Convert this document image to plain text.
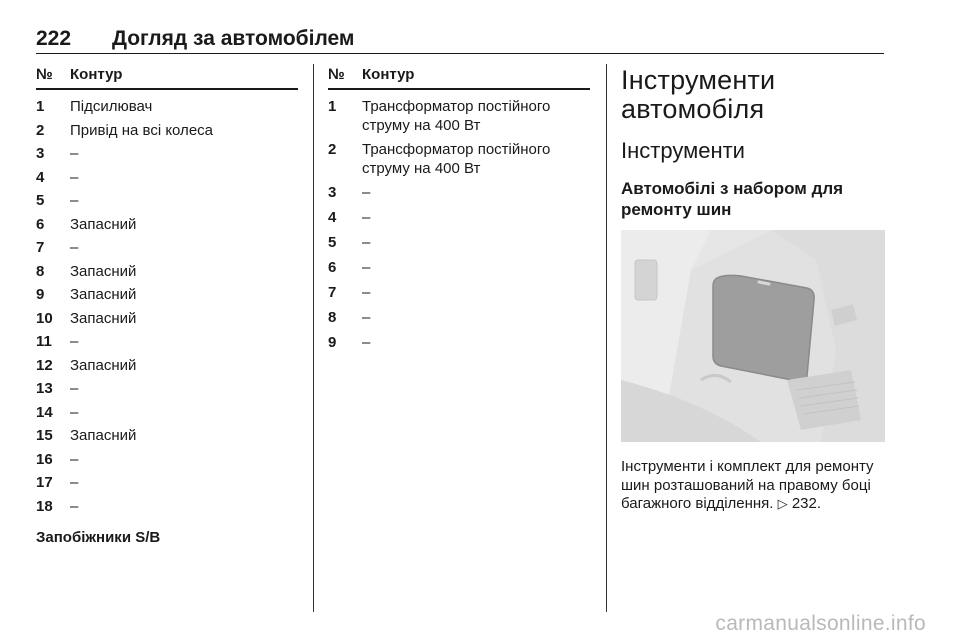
222 Догляд за автомобілем
№	Контур
1	Підсилювач
2	Привід на всі колеса
3	–
4	–
5	–
6	Запасний
7	–
8	Запасний
9	Запасний
10	Запасний
11	–
12	Запасний
13	–
14	–
15	Запасний
16	–
17	–
18	–
Запобіжники S/B
№	Контур
1	Трансформатор постійного струму на 400 Вт
2	Трансформатор постійного струму на 400 Вт
3	–
4	–
5	–
6	–
7	–
8	–
9	–
Інструменти автомобіля
Інструменти
Автомобілі з набором для ремонту шин
Інструменти і комплект для ремонту шин розташований на правому боці багажного відділення. ▷ 232.
carmanualsonline.info
